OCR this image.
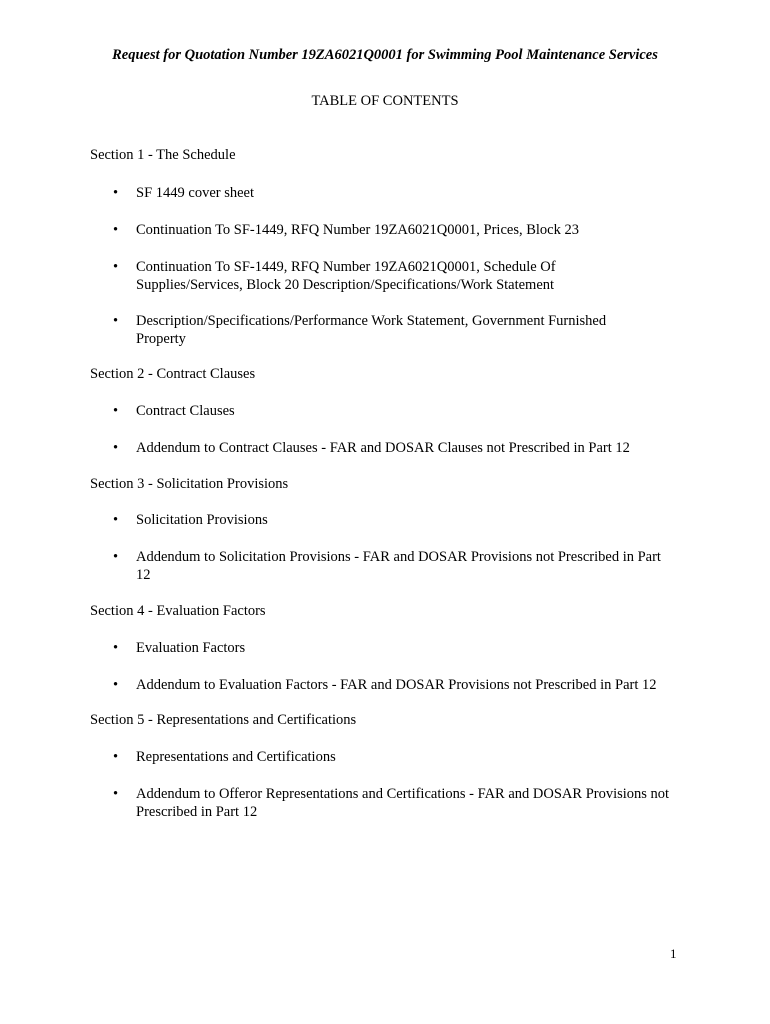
Request for Quotation Number 19ZA6021Q0001 for Swimming Pool Maintenance Services
TABLE OF CONTENTS
Section 1 - The Schedule
•	SF 1449 cover sheet
•	Continuation To SF-1449, RFQ Number 19ZA6021Q0001, Prices, Block 23
•	Continuation To SF-1449, RFQ Number 19ZA6021Q0001, Schedule Of Supplies/Services, Block 20 Description/Specifications/Work Statement
•	Description/Specifications/Performance Work Statement, Government Furnished Property
Section 2 - Contract Clauses
•	Contract Clauses
•	Addendum to Contract Clauses - FAR and DOSAR Clauses not Prescribed in Part 12
Section 3 - Solicitation Provisions
•	Solicitation Provisions
•	Addendum to Solicitation Provisions - FAR and DOSAR Provisions not Prescribed in Part 12
Section 4 - Evaluation Factors
•	Evaluation Factors
•	Addendum to Evaluation Factors - FAR and DOSAR Provisions not Prescribed in Part 12
Section 5 - Representations and Certifications
•	Representations and Certifications
•	Addendum to Offeror Representations and Certifications - FAR and DOSAR Provisions not Prescribed in Part 12
1
